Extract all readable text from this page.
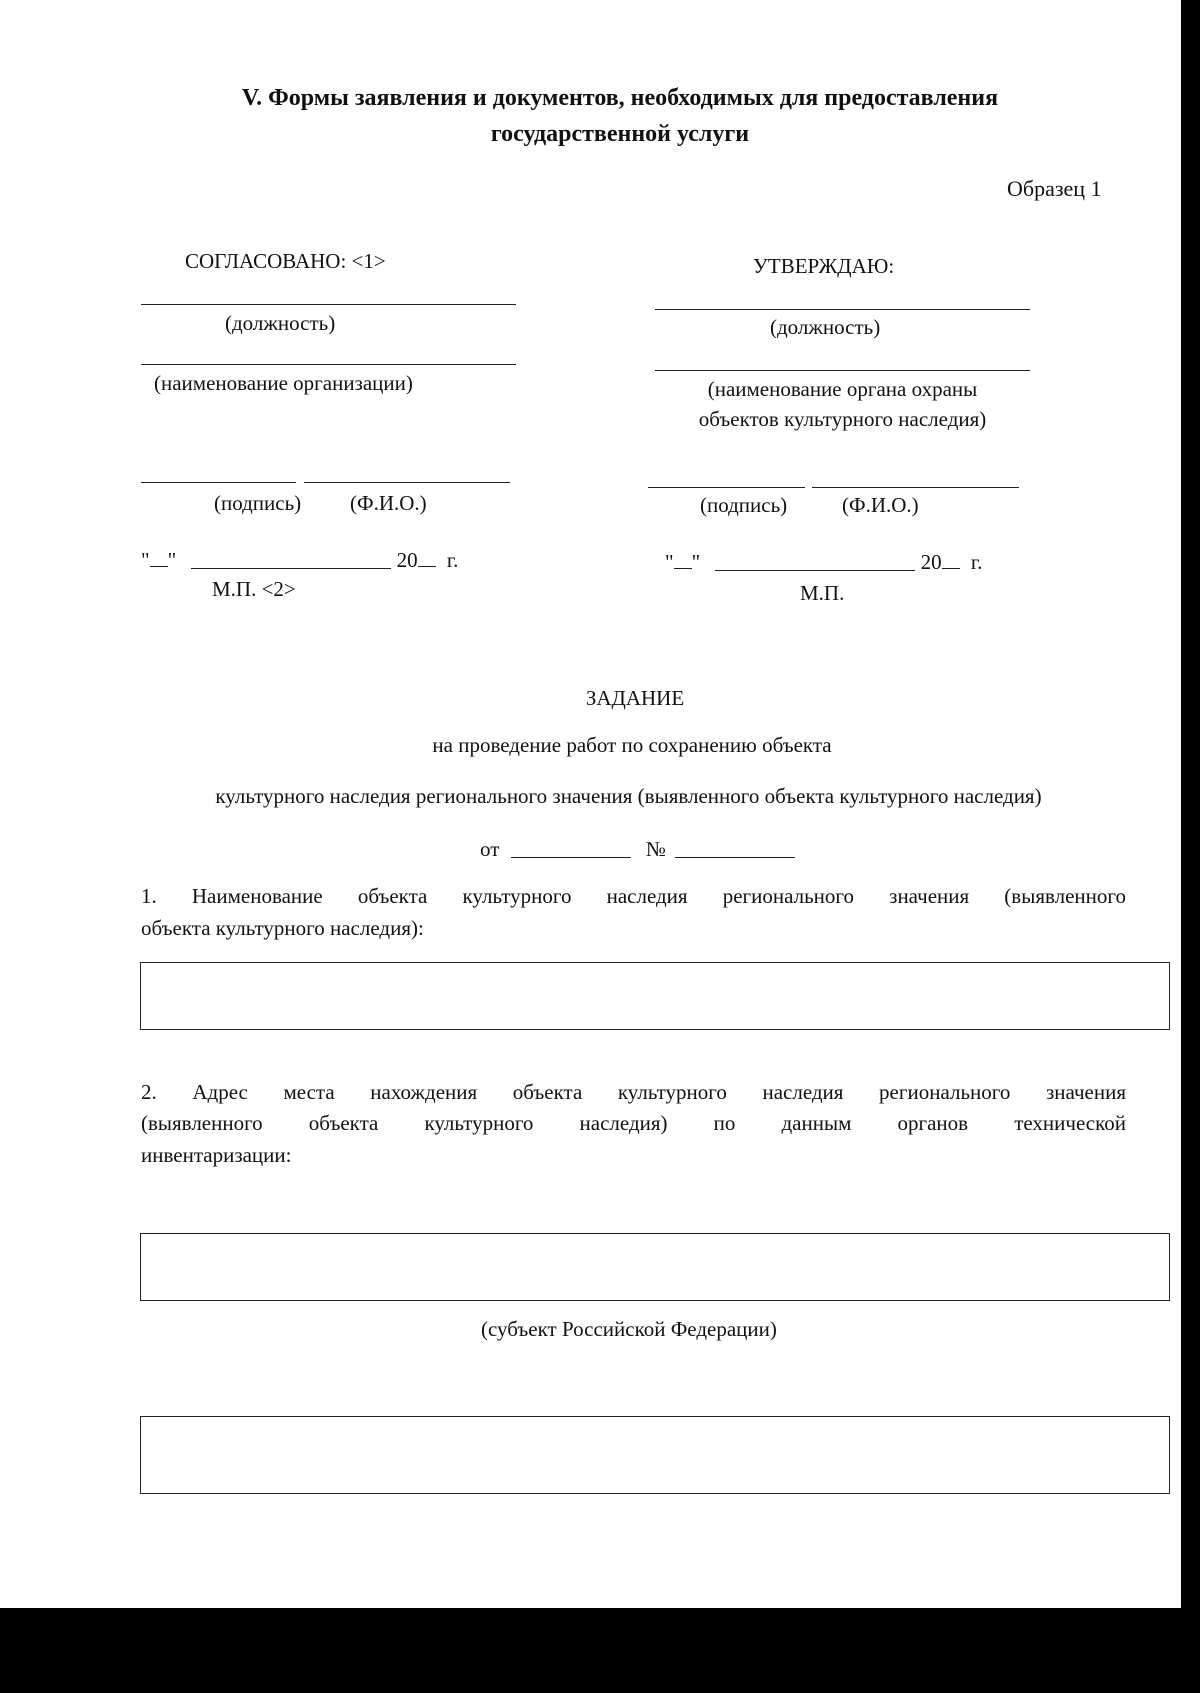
V. Формы заявления и документов, необходимых для предоставления
государственной услуги
Образец 1
СОГЛАСОВАНО: <1>
(должность)
(наименование организации)
(подпись) (Ф.И.О.)
" "	20 г.
М.П. <2>
УТВЕРЖДАЮ:
(должность)
(наименование органа охраны
объектов культурного наследия)
(подпись)	(Ф.И.О.)
" "	20 г.
М.П.
ЗАДАНИЕ
на проведение работ по сохранению объекта
культурного наследия регионального значения (выявленного объекта культурного наследия)
от	№
1. Наименование объекта культурного наследия регионального значения (выявленного
объекта культурного наследия):
2. Адрес места нахождения объекта культурного наследия регионального значения
(выявленного объекта культурного наследия) по данным органов технической
инвентаризации:
(субъект Российской Федерации)
